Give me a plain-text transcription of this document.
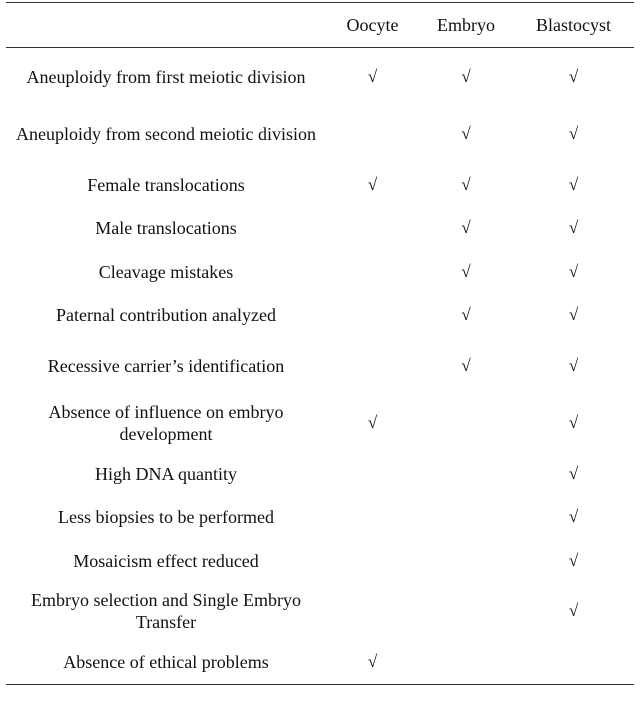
	Oocyte	Embryo	Blastocyst
Aneuploidy from first meiotic division	√	√	√
Aneuploidy from second meiotic division		√	√
Female translocations	√	√	√
Male translocations		√	√
Cleavage mistakes		√	√
Paternal contribution analyzed		√	√
Recessive carrier’s identification		√	√
Absence of influence on embryo development	√		√
High DNA quantity			√
Less biopsies to be performed			√
Mosaicism effect reduced			√
Embryo selection and Single Embryo Transfer			√
Absence of ethical problems	√		
